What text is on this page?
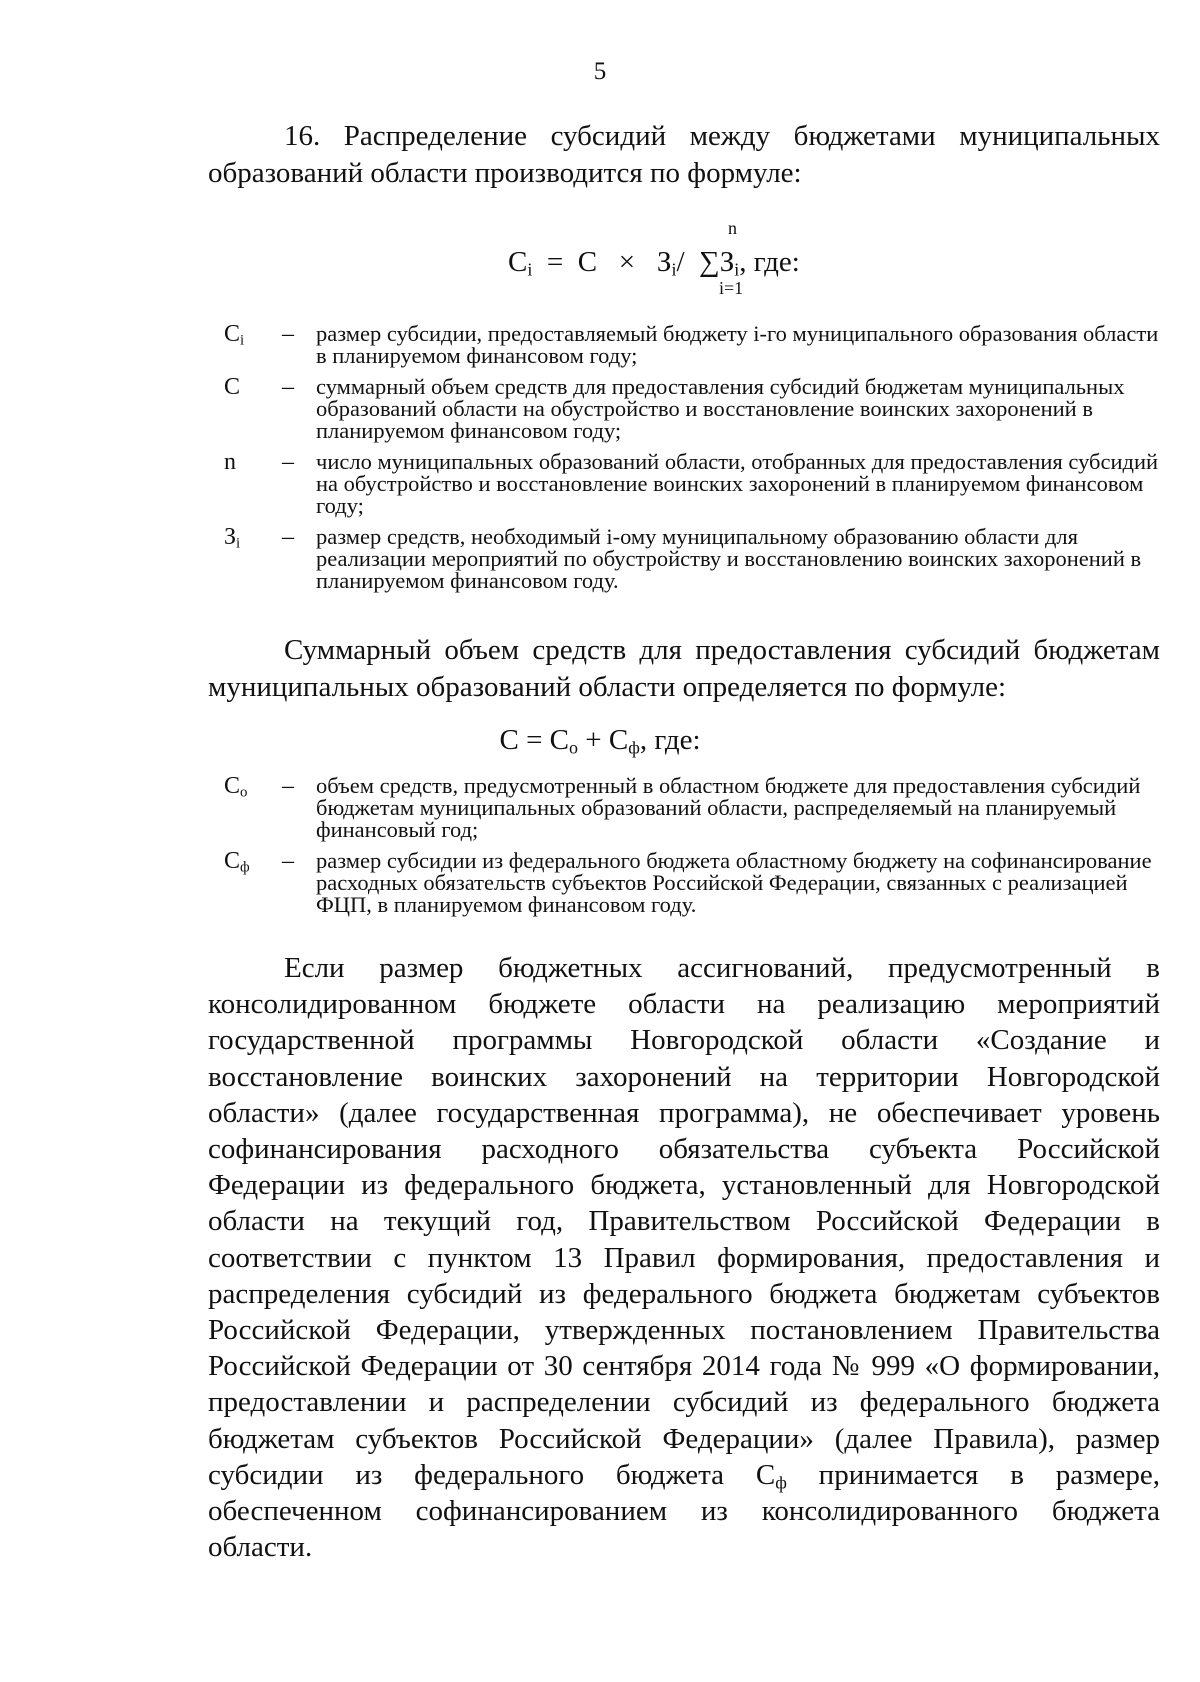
5

16. Распределение субсидий между бюджетами муниципальных образований области производится по формуле:

n
$C_i = C \times З_i/$ $\sum З_i$, где:
i=1
$C_i$	– размер субсидии, предоставляемый бюджету i-го муниципального образования области в планируемом финансовом году;
C	– суммарный объем средств для предоставления субсидий бюджетам муниципальных образований области на обустройство и восстановление воинских захоронений в планируемом финансовом году;
n	– число муниципальных образований области, отобранных для предоставления субсидий на обустройство и восстановление воинских захоронений в планируемом финансовом году;
$З_i$	– размер средств, необходимый i-ому муниципальному образованию области для реализации мероприятий по обустройству и восстановлению воинских захоронений в планируемом финансовом году.

Суммарный объем средств для предоставления субсидий бюджетам муниципальных образований области определяется по формуле:

$C = C_о + C_ф$, где:
$C_о$	– объем средств, предусмотренный в областном бюджете для предоставления субсидий бюджетам муниципальных образований области, распределяемый на планируемый финансовый год;
$C_ф$	– размер субсидии из федерального бюджета областному бюджету на софинансирование расходных обязательств субъектов Российской Федерации, связанных с реализацией ФЦП, в планируемом финансовом году.

Если размер бюджетных ассигнований, предусмотренный в консолидированном бюджете области на реализацию мероприятий государственной программы Новгородской области «Создание и восстановление воинских захоронений на территории Новгородской области» (далее государственная программа), не обеспечивает уровень софинансирования расходного обязательства субъекта Российской Федерации из федерального бюджета, установленный для Новгородской области на текущий год, Правительством Российской Федерации в соответствии с пунктом 13 Правил формирования, предоставления и распределения субсидий из федерального бюджета бюджетам субъектов Российской Федерации, утвержденных постановлением Правительства Российской Федерации от 30 сентября 2014 года № 999 «О формировании, предоставлении и распределении субсидий из федерального бюджета бюджетам субъектов Российской Федерации» (далее Правила), размер субсидии из федерального бюджета $C_ф$ принимается в размере, обеспеченном софинансированием из консолидированного бюджета области.
